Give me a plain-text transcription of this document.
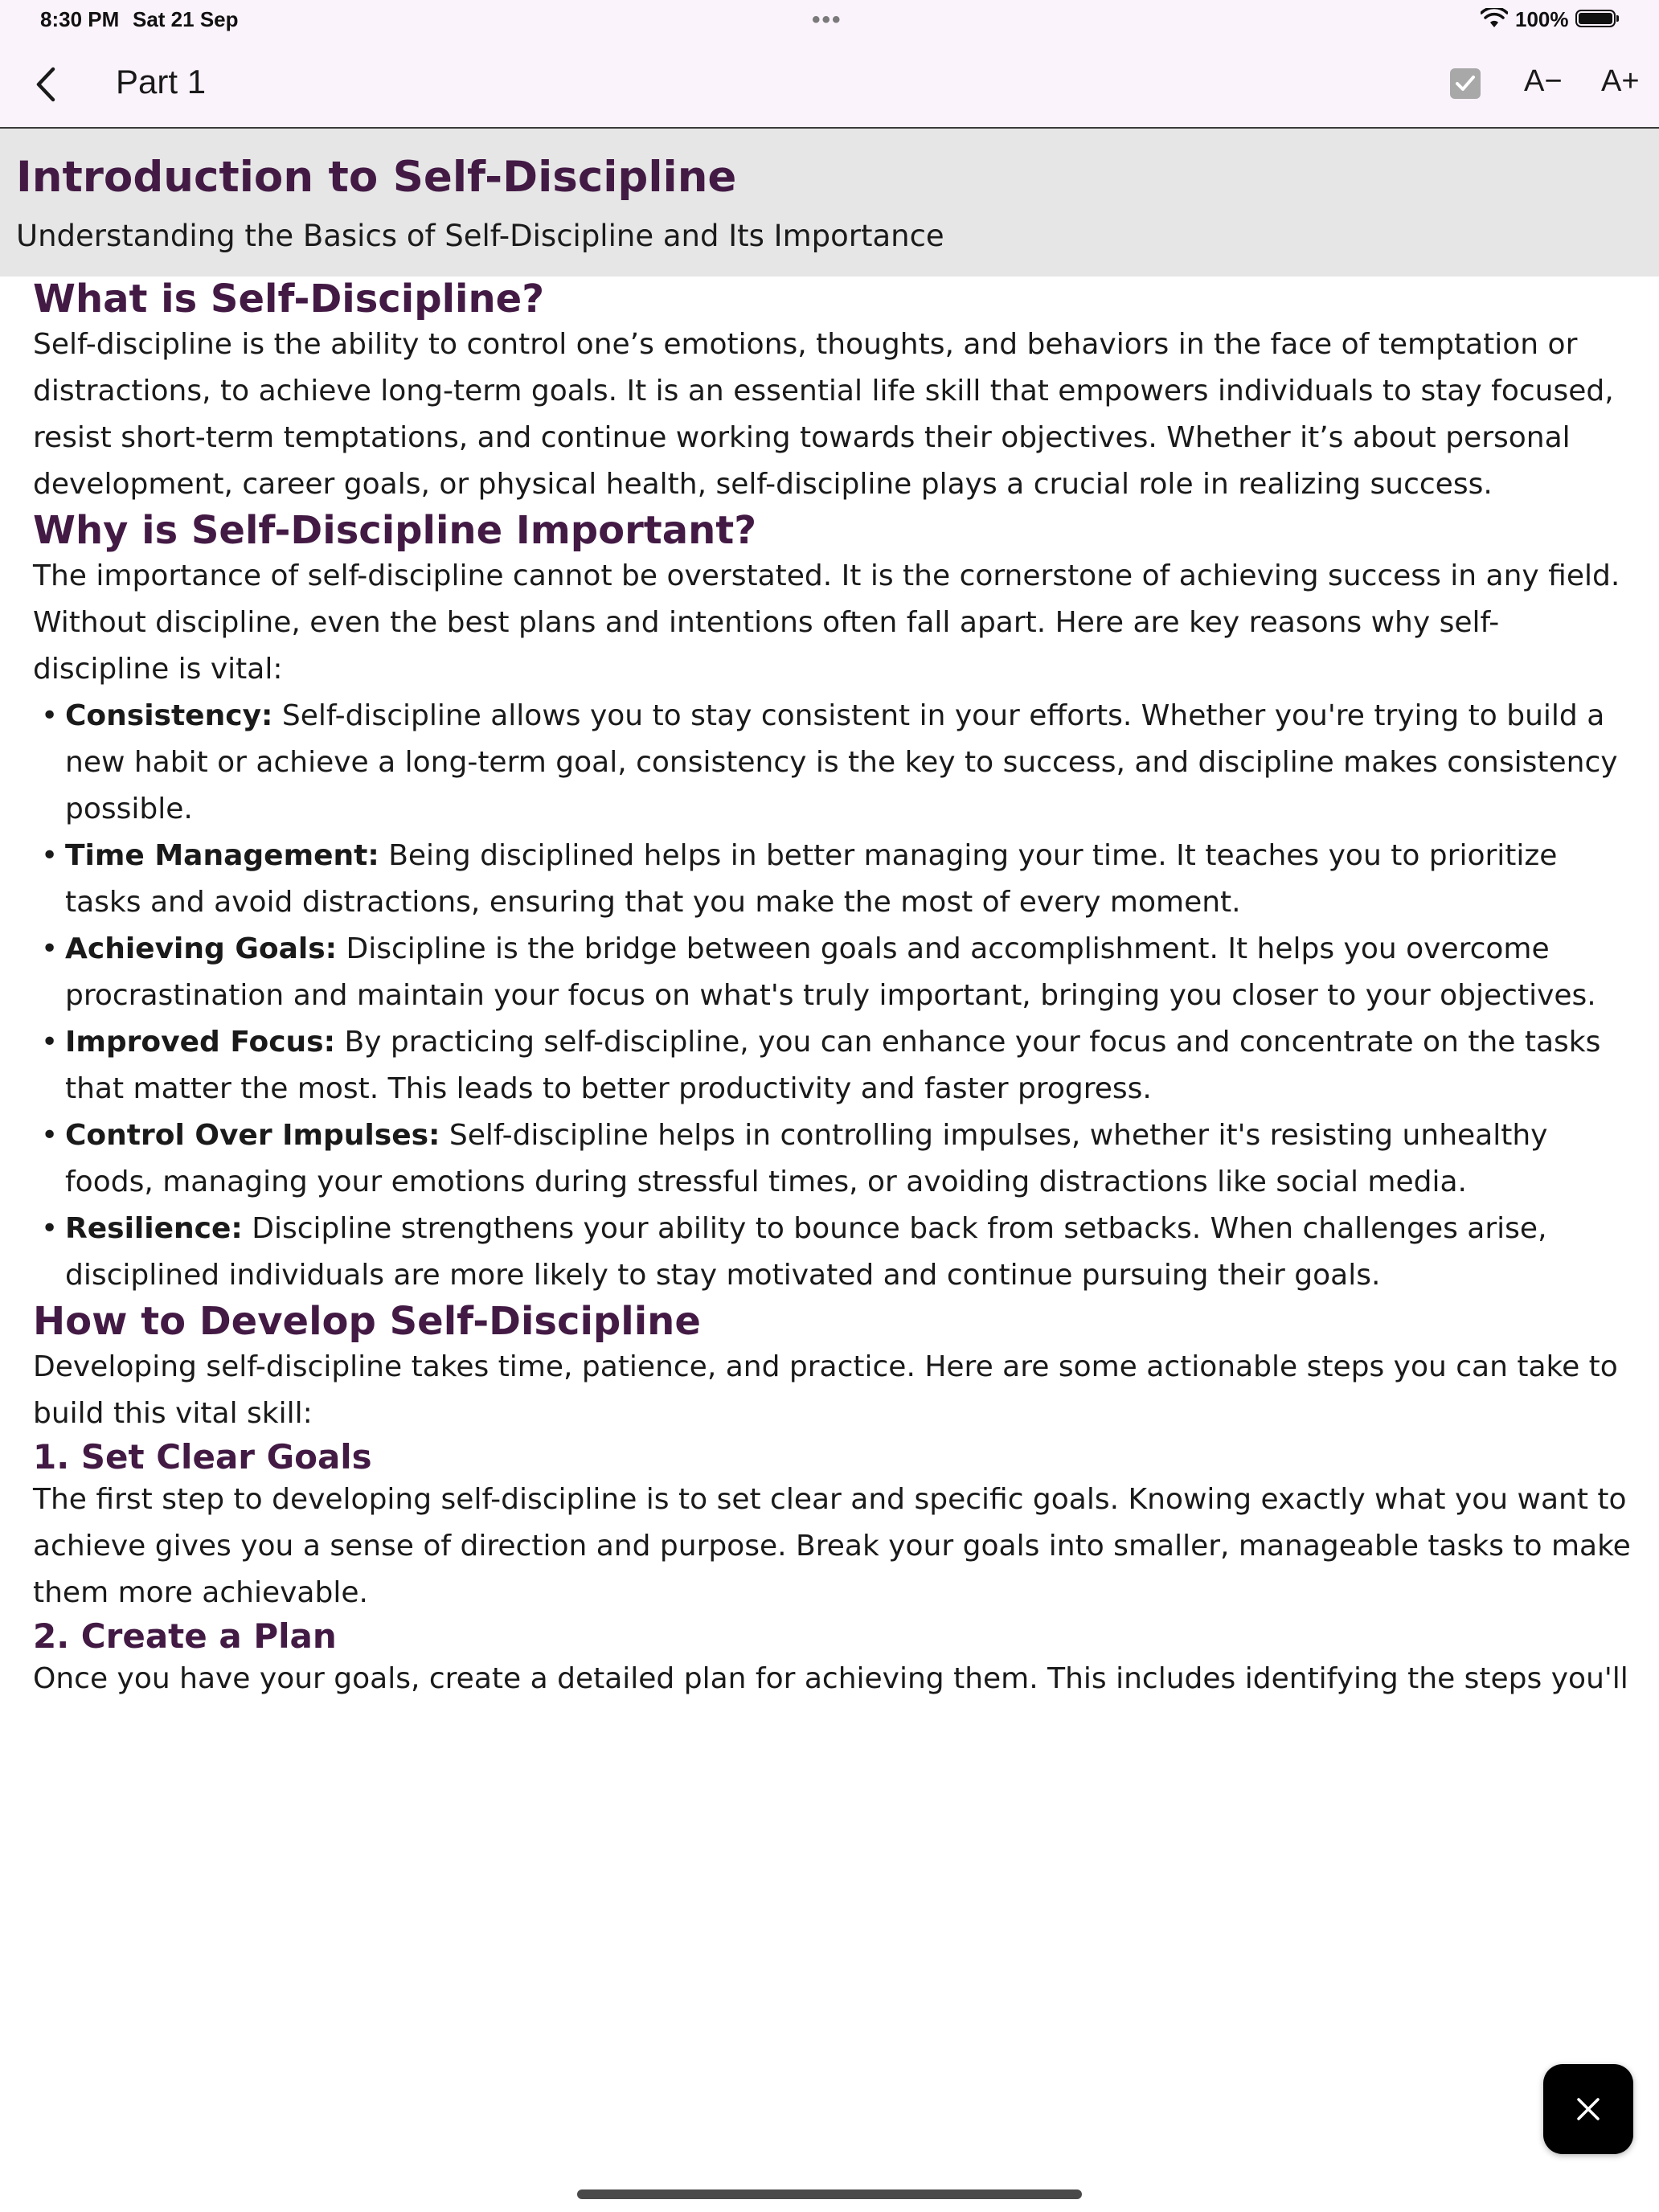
8:30 PM Sat 21 Sep	•••	100%
Part 1	A− A+
Introduction to Self-Discipline

Understanding the Basics of Self-Discipline and Its Importance

What is Self-Discipline?

Self-discipline is the ability to control one’s emotions, thoughts, and behaviors in the face of temptation or distractions, to achieve long-term goals. It is an essential life skill that empowers individuals to stay focused, resist short-term temptations, and continue working towards their objectives. Whether it’s about personal development, career goals, or physical health, self-discipline plays a crucial role in realizing success.

Why is Self-Discipline Important?

The importance of self-discipline cannot be overstated. It is the cornerstone of achieving success in any field. Without discipline, even the best plans and intentions often fall apart. Here are key reasons why self-discipline is vital:

• Consistency: Self-discipline allows you to stay consistent in your efforts. Whether you're trying to build a new habit or achieve a long-term goal, consistency is the key to success, and discipline makes consistency possible.
• Time Management: Being disciplined helps in better managing your time. It teaches you to prioritize tasks and avoid distractions, ensuring that you make the most of every moment.
• Achieving Goals: Discipline is the bridge between goals and accomplishment. It helps you overcome procrastination and maintain your focus on what's truly important, bringing you closer to your objectives.
• Improved Focus: By practicing self-discipline, you can enhance your focus and concentrate on the tasks that matter the most. This leads to better productivity and faster progress.
• Control Over Impulses: Self-discipline helps in controlling impulses, whether it's resisting unhealthy foods, managing your emotions during stressful times, or avoiding distractions like social media.
• Resilience: Discipline strengthens your ability to bounce back from setbacks. When challenges arise, disciplined individuals are more likely to stay motivated and continue pursuing their goals.
How to Develop Self-Discipline

Developing self-discipline takes time, patience, and practice. Here are some actionable steps you can take to build this vital skill:

1. Set Clear Goals

The first step to developing self-discipline is to set clear and specific goals. Knowing exactly what you want to achieve gives you a sense of direction and purpose. Break your goals into smaller, manageable tasks to make them more achievable.

2. Create a Plan

Once you have your goals, create a detailed plan for achieving them. This includes identifying the steps you'll
